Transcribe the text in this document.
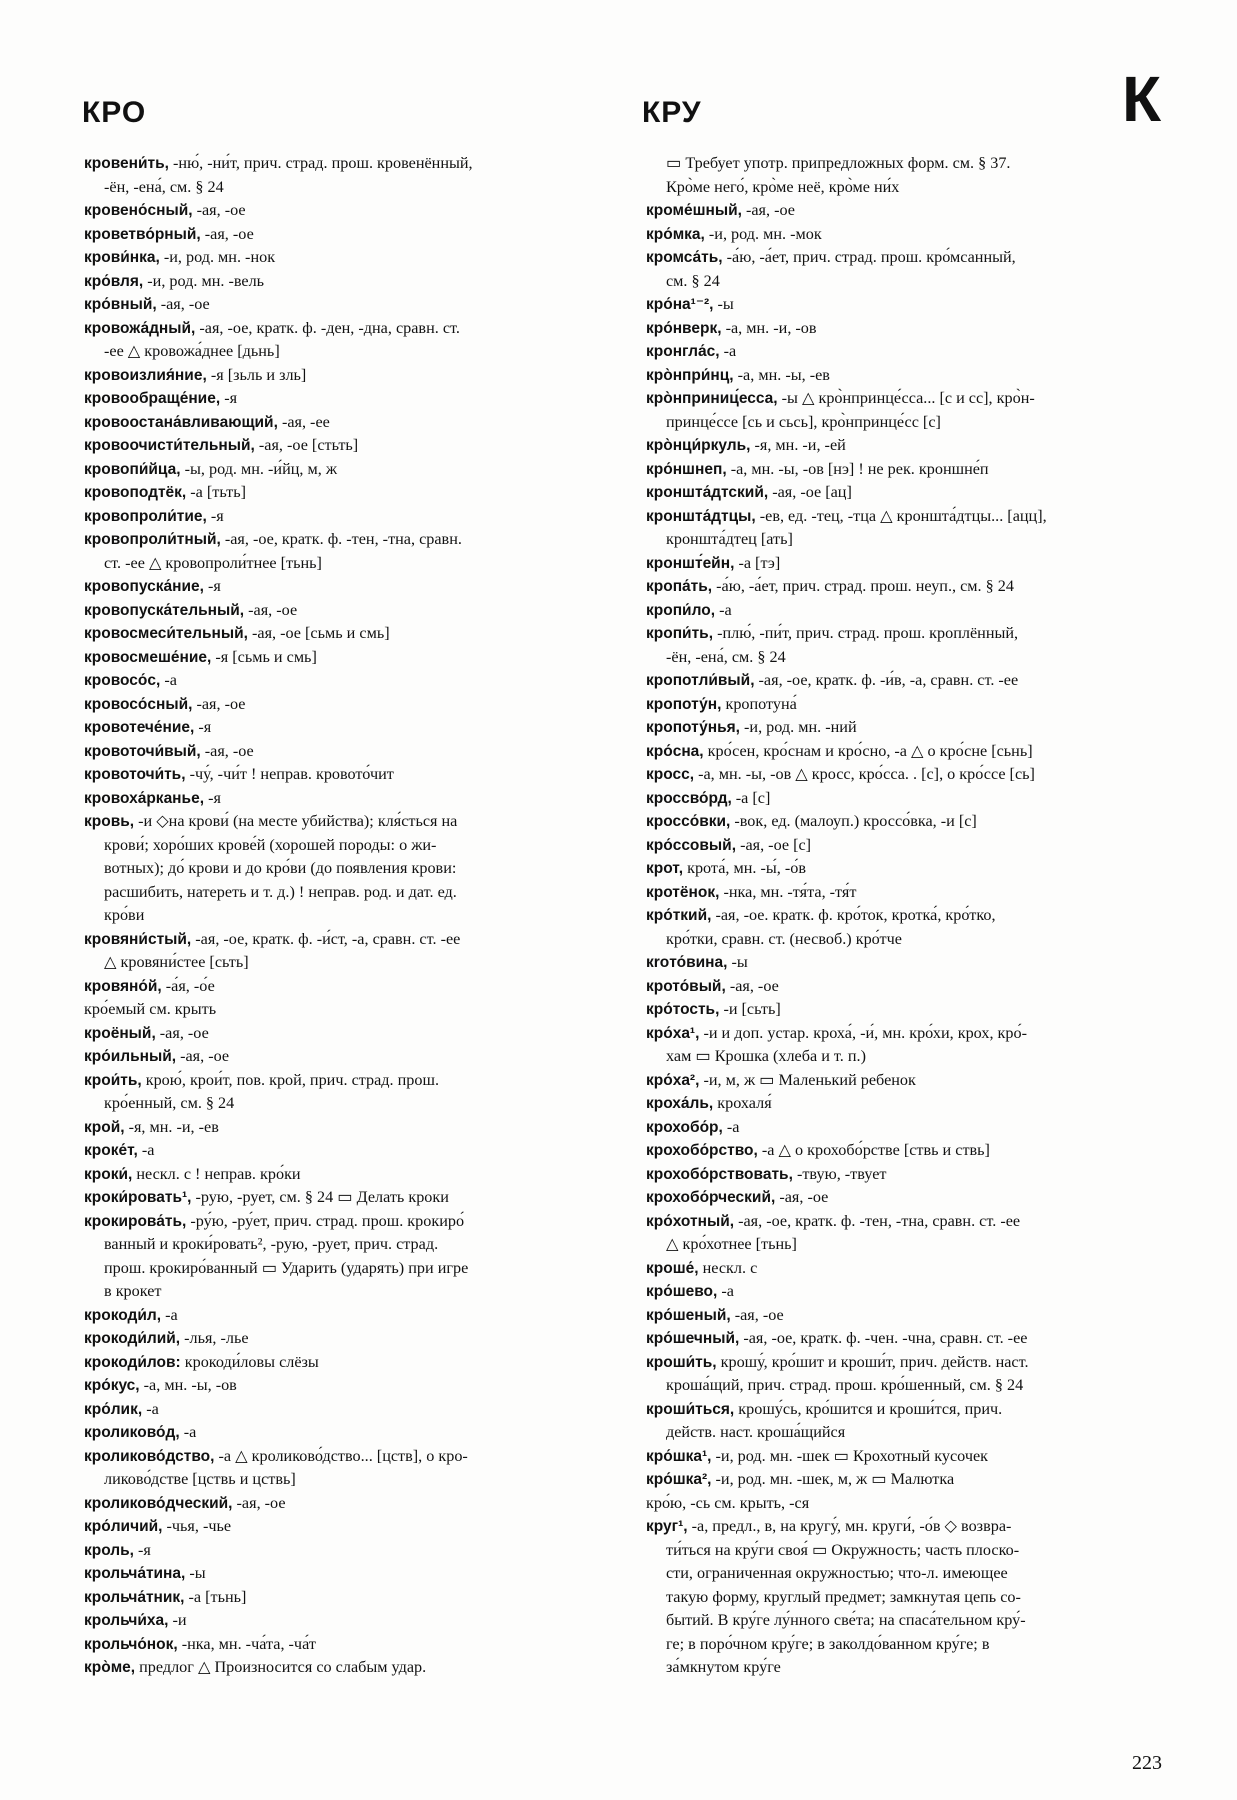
КРО	КРУ	К
кровени́ть, -ню́, -ни́т, прич. страд. прош. кровенённый,
-ён, -ена́, см. § 24
кровено́сный, -ая, -ое
кроветво́рный, -ая, -ое
крови́нка, -и, род. мн. -нок
кро́вля, -и, род. мн. -вель
кро́вный, -ая, -ое
кровожа́дный, -ая, -ое, кратк. ф. -ден, -дна, сравн. ст.
-ее △ кровожа́днее [дьнь]
кровоизлия́ние, -я [зьль и зль]
кровообраще́ние, -я
кровоостана́вливающий, -ая, -ее
кровоочисти́тельный, -ая, -ое [стьть]
кровопи́йца, -ы, род. мн. -и́йц, м, ж
кровоподтёк, -а [тьть]
кровопроли́тие, -я
кровопроли́тный, -ая, -ое, кратк. ф. -тен, -тна, сравн.
ст. -ее △ кровопроли́тнее [тьнь]
кровопуска́ние, -я
кровопуска́тельный, -ая, -ое
кровосмеси́тельный, -ая, -ое [сьмь и смь]
кровосмеше́ние, -я [сьмь и смь]
кровосо́с, -а
кровосо́сный, -ая, -ое
кровотече́ние, -я
кровоточи́вый, -ая, -ое
кровоточи́ть, -чу́, -чи́т ! неправ. кровото́чит
кровоха́рканье, -я
кровь, -и ◇на крови́ (на месте убийства); кля́сться на
крови́; хоро́ших крове́й (хорошей породы: о жи-
вотных); до́ крови и до кро́ви (до появления крови:
расшибить, натереть и т. д.) ! неправ. род. и дат. ед.
кро́ви
кровяни́стый, -ая, -ое, кратк. ф. -и́ст, -а, сравн. ст. -ее
△ кровяни́стее [сьть]
кровяно́й, -а́я, -о́е
кро́емый см. крыть
кроёный, -ая, -ое
кро́ильный, -ая, -ое
крои́ть, крою́, крои́т, пов. крой, прич. страд. прош.
кро́енный, см. § 24
крой, -я, мн. -и, -ев
кроке́т, -а
кроки́, нескл. с ! неправ. кро́ки
кроки́ровать¹, -рую, -рует, см. § 24 ▭ Делать кроки
крокирова́ть, -ру́ю, -ру́ет, прич. страд. прош. крокиро́
ванный и кроки́ровать², -рую, -рует, прич. страд.
прош. крокиро́ванный ▭ Ударить (ударять) при игре
в крокет
крокоди́л, -а
крокоди́лий, -лья, -лье
крокоди́лов: крокоди́ловы слёзы
кро́кус, -а, мн. -ы, -ов
кро́лик, -а
кроликово́д, -а
кроликово́дство, -а △ кроликово́дство... [цств], о кро-
ликово́дстве [цствь и цствь]
кроликово́дческий, -ая, -ое
кро́личий, -чья, -чье
кроль, -я
крольча́тина, -ы
крольча́тник, -а [тьнь]
крольчи́ха, -и
крольчо́нок, -нка, мн. -ча́та, -ча́т
кро̀ме, предлог △ Произносится со слабым удар.
▭ Требует употр. припредложных форм. см. § 37.
Кро̀ме него́, кро̀ме неё, кро̀ме ни́х
кроме́шный, -ая, -ое
кро́мка, -и, род. мн. -мок
кромса́ть, -а́ю, -а́ет, прич. страд. прош. кро́мсанный,
см. § 24
кро́на¹⁻², -ы
кро́нверк, -а, мн. -и, -ов
кронгла́с, -а
кро̀нпри́нц, -а, мн. -ы, -ев
кро̀нприниц́есса, -ы △ кро̀нпринце́сса... [с и сс], кро̀н-
принце́ссе [сь и сьсь], кро̀нпринце́сс [с]
кро̀нци́ркуль, -я, мн. -и, -ей
кро́ншнеп, -а, мн. -ы, -ов [нэ] ! не рек. кроншне́п
кроншта́дтский, -ая, -ое [ац]
кроншта́дтцы, -ев, ед. -тец, -тца △ кроншта́дтцы... [ацц],
кроншта́дтец [ать]
кроншт́ейн, -а [тэ]
кропа́ть, -а́ю, -а́ет, прич. страд. прош. неуп., см. § 24
кропи́ло, -а
кропи́ть, -плю́, -пи́т, прич. страд. прош. кроплённый,
-ён, -ена́, см. § 24
кропотли́вый, -ая, -ое, кратк. ф. -и́в, -а, сравн. ст. -ее
кропоту́н, кропотуна́
кропоту́нья, -и, род. мн. -ний
кро́сна, кро́сен, кро́снам и кро́сно, -а △ о кро́сне [сьнь]
кросс, -а, мн. -ы, -ов △ кросс, кро́сса. . [с], о кро́ссе [сь]
кроссво́рд, -а [с]
кроссо́вки, -вок, ед. (малоуп.) кроссо́вка, -и [с]
кро́ссовый, -ая, -ое [с]
крот, крота́, мн. -ы́, -о́в
кротёнок, -нка, мн. -тя́та, -тя́т
кро́ткий, -ая, -ое. кратк. ф. кро́ток, кротка́, кро́тко,
кро́тки, сравн. ст. (несвоб.) кро́тче
кroто́вина, -ы
крото́вый, -ая, -ое
кро́тость, -и [сьть]
кро́ха¹, -и и доп. устар. кроха́, -и́, мн. кро́хи, крох, кро́-
хам ▭ Крошка (хлеба и т. п.)
кро́ха², -и, м, ж ▭ Маленький ребенок
кроха́ль, крохаля́
крохобо́р, -а
крохобо́рство, -а △ о крохобо́рстве [ствь и ствь]
крохобо́рствовать, -твую, -твует
крохобо́рческий, -ая, -ое
кро́хотный, -ая, -ое, кратк. ф. -тен, -тна, сравн. ст. -ее
△ кро́хотнее [тьнь]
кроше́, нескл. с
кро́шево, -а
кро́шеный, -ая, -ое
кро́шечный, -ая, -ое, кратк. ф. -чен. -чна, сравн. ст. -ее
кроши́ть, крошу́, кро́шит и кроши́т, прич. действ. наст.
кроша́щий, прич. страд. прош. кро́шенный, см. § 24
кроши́ться, крошу́сь, кро́шится и кроши́тся, прич.
действ. наст. кроша́щийся
кро́шка¹, -и, род. мн. -шек ▭ Крохотный кусочек
кро́шка², -и, род. мн. -шек, м, ж ▭ Малютка
кро́ю, -сь см. крыть, -ся
круг¹, -а, предл., в, на кругу́, мн. круги́, -о́в ◇ возвра-
ти́ться на кру́ги своя́ ▭ Окружность; часть плоско-
сти, ограниченная окружностью; что-л. имеющее
такую форму, круглый предмет; замкнутая цепь со-
бытий. В кру́ге лу́нного све́та; на спаса́тельном кру́-
ге; в поро́чном кру́ге; в заколдо́ванном кру́ге; в
за́мкнутом кру́ге
223
